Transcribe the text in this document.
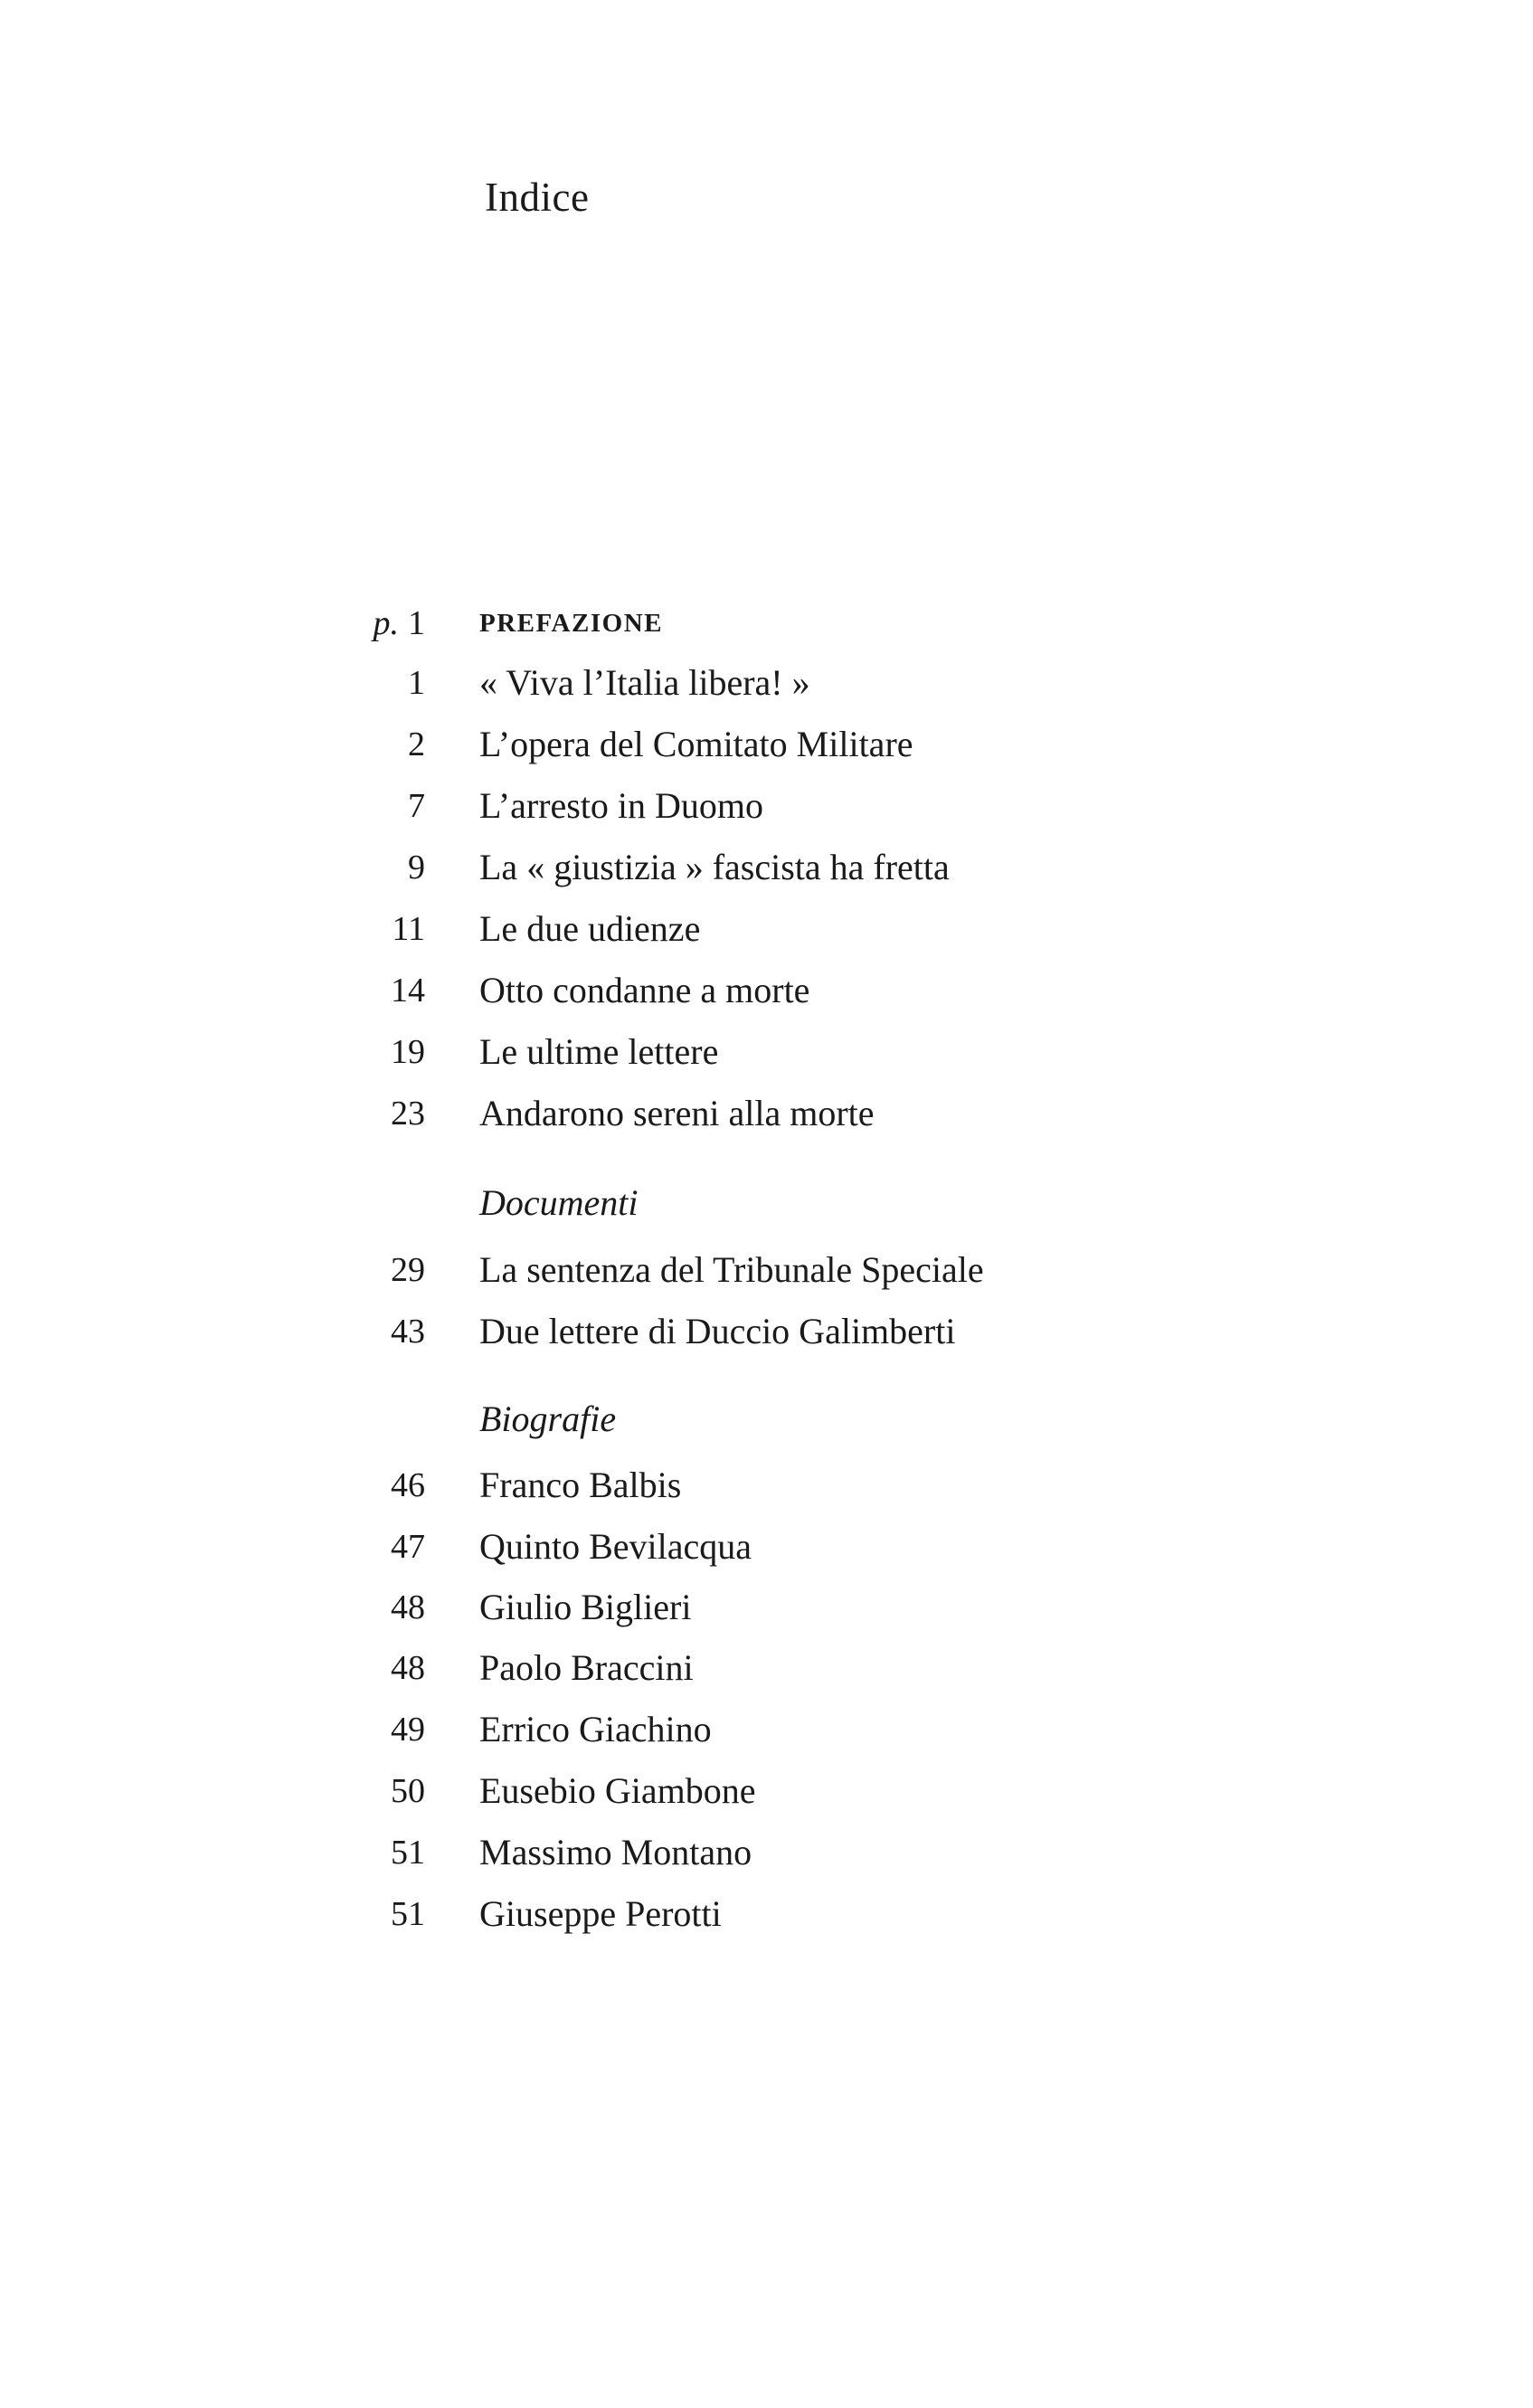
Indice
p. 1 PREFAZIONE
1 « Viva l’Italia libera! »
2 L’opera del Comitato Militare
7 L’arresto in Duomo
9 La « giustizia » fascista ha fretta
11 Le due udienze
14 Otto condanne a morte
19 Le ultime lettere
23 Andarono sereni alla morte
Documenti
29 La sentenza del Tribunale Speciale
43 Due lettere di Duccio Galimberti
Biografie
46 Franco Balbis
47 Quinto Bevilacqua
48 Giulio Biglieri
48 Paolo Braccini
49 Errico Giachino
50 Eusebio Giambone
51 Massimo Montano
51 Giuseppe Perotti
